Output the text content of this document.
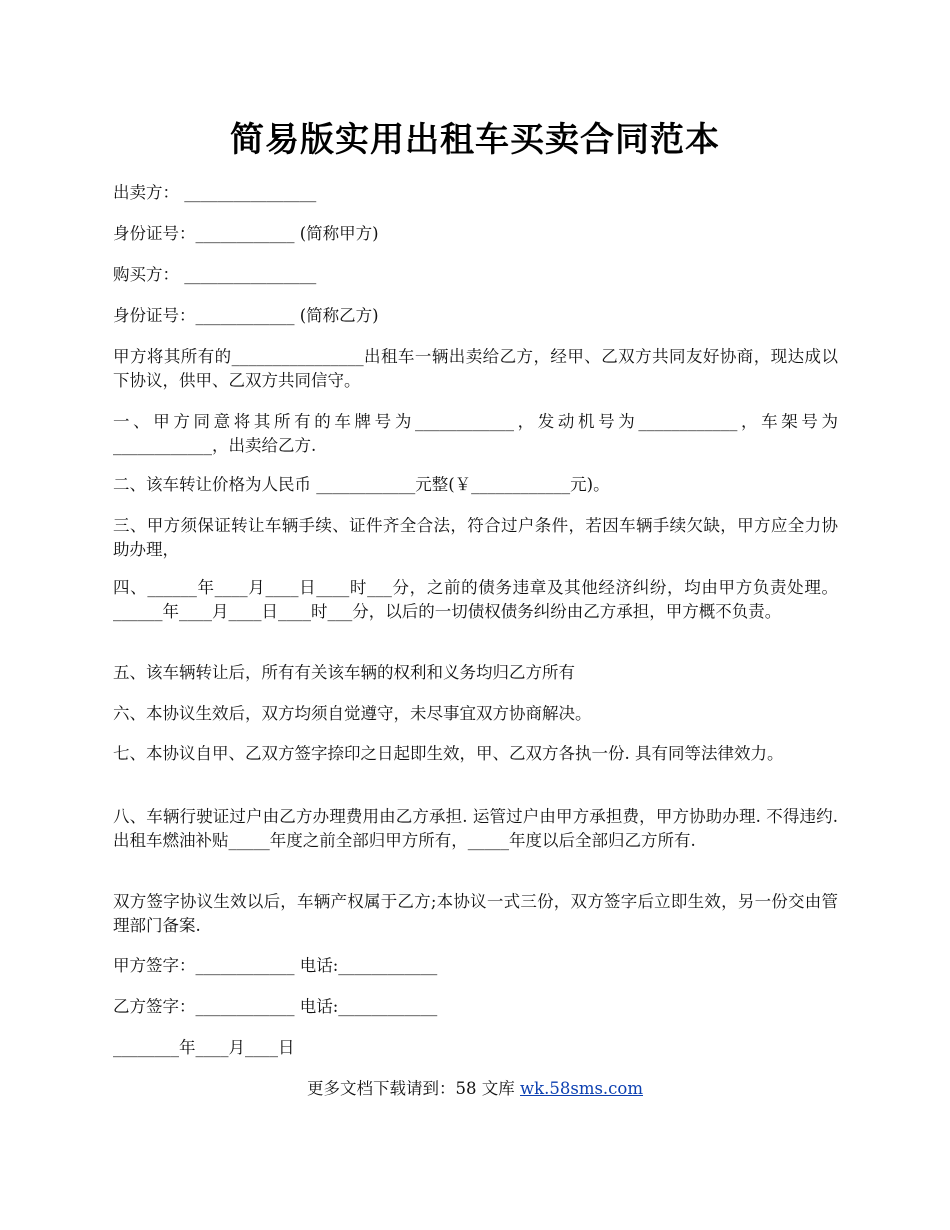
简易版实用出租车买卖合同范本
出卖方： ________________
身份证号：____________ (简称甲方)
购买方： ________________
身份证号：____________ (简称乙方)
甲方将其所有的________________出租车一辆出卖给乙方，经甲、乙双方共同友好协商，现达成以下协议，供甲、乙双方共同信守。
一、甲方同意将其所有的车牌号为____________，发动机号为____________，车架号为____________，出卖给乙方.
二、该车转让价格为人民币 ____________元整(￥____________元)。
三、甲方须保证转让车辆手续、证件齐全合法，符合过户条件，若因车辆手续欠缺，甲方应全力协助办理，
四、______年____月____日____时___分，之前的债务违章及其他经济纠纷，均由甲方负责处理。______年____月____日____时___分，以后的一切债权债务纠纷由乙方承担，甲方概不负责。
五、该车辆转让后，所有有关该车辆的权利和义务均归乙方所有
六、本协议生效后，双方均须自觉遵守，未尽事宜双方协商解决。
七、本协议自甲、乙双方签字捺印之日起即生效，甲、乙双方各执一份. 具有同等法律效力。
八、车辆行驶证过户由乙方办理费用由乙方承担. 运管过户由甲方承担费，甲方协助办理. 不得违约. 出租车燃油补贴_____年度之前全部归甲方所有，_____年度以后全部归乙方所有.
双方签字协议生效以后，车辆产权属于乙方;本协议一式三份，双方签字后立即生效，另一份交由管理部门备案.
甲方签字：____________ 电话:____________
乙方签字：____________ 电话:____________
________年____月____日
更多文档下载请到：58 文库 wk.58sms.com
